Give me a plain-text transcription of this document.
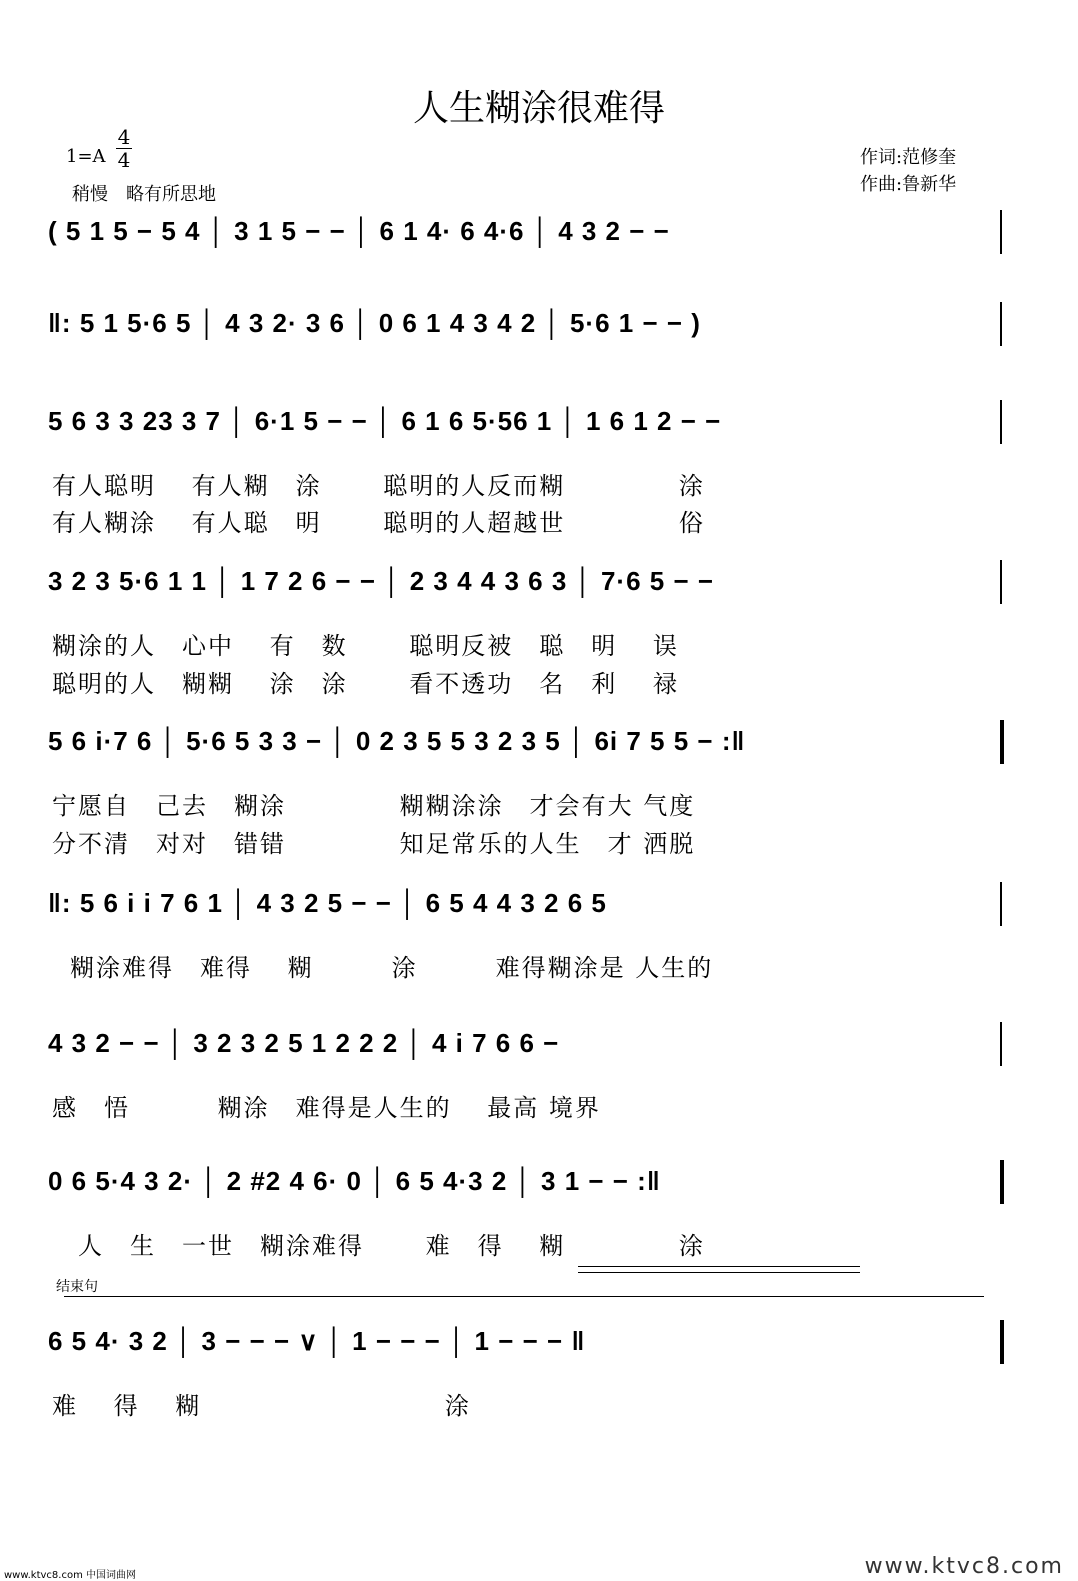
人生糊涂很难得
1=A
4
4
稍慢　略有所思地
作词:范修奎
作曲:鲁新华
( 5 1 5 − 5 4 │ 3 1 5 − − │ 6 1 4· 6 4·6 │ 4 3 2 − −
‖: 5 1 5·6 5 │ 4 3 2· 3 6 │ 0 6 1 4 3 4 2 │ 5·6 1 − − )
5 6 3 3 23 3 7 │ 6·1 5 − − │ 6 1 6 5·56 1 │ 1 6 1 2 − −
有人聪明　 有人糊　涂　　 聪明的人反而糊　　　　 涂
有人糊涂　 有人聪　明　　 聪明的人超越世　　　　 俗
3 2 3 5·6 1 1 │ 1 7 2 6 − − │ 2 3 4 4 3 6 3 │ 7·6 5 − −
糊涂的人　心中　 有　数　　 聪明反被　聪　明　 误
聪明的人　糊糊　 涂　涂　　 看不透功　名　利　 禄
5 6 i·7 6 │ 5·6 5 3 3 − │ 0 2 3 5 5 3 2 3 5 │ 6i 7 5 5 − :‖
宁愿自　己去　糊涂　　　　 糊糊涂涂　才会有大 气度
分不清　对对　错错　　　　 知足常乐的人生　才 洒脱
‖: 5 6 i i 7 6 1 │ 4 3 2 5 − − │ 6 5 4 4 3 2 6 5
糊涂难得　难得　 糊　　　涂　　　难得糊涂是 人生的
4 3 2 − − │ 3 2 3 2 5 1 2 2 2 │ 4 i 7 6 6 −
感　悟　　　 糊涂　难得是人生的　 最高 境界
0 6 5·4 3 2· │ 2 #2 4 6· 0 │ 6 5 4·3 2 │ 3 1 − − :‖
　人　生　一世　糊涂难得　　 难　得　 糊　　　　 涂
结束句
6 5 4· 3 2 │ 3 − − − ∨ │ 1 − − − │ 1 − − − ‖
难　 得　 糊　　　　　　　　　 涂
www.ktvc8.com 中国词曲网	www.ktvc8.com
